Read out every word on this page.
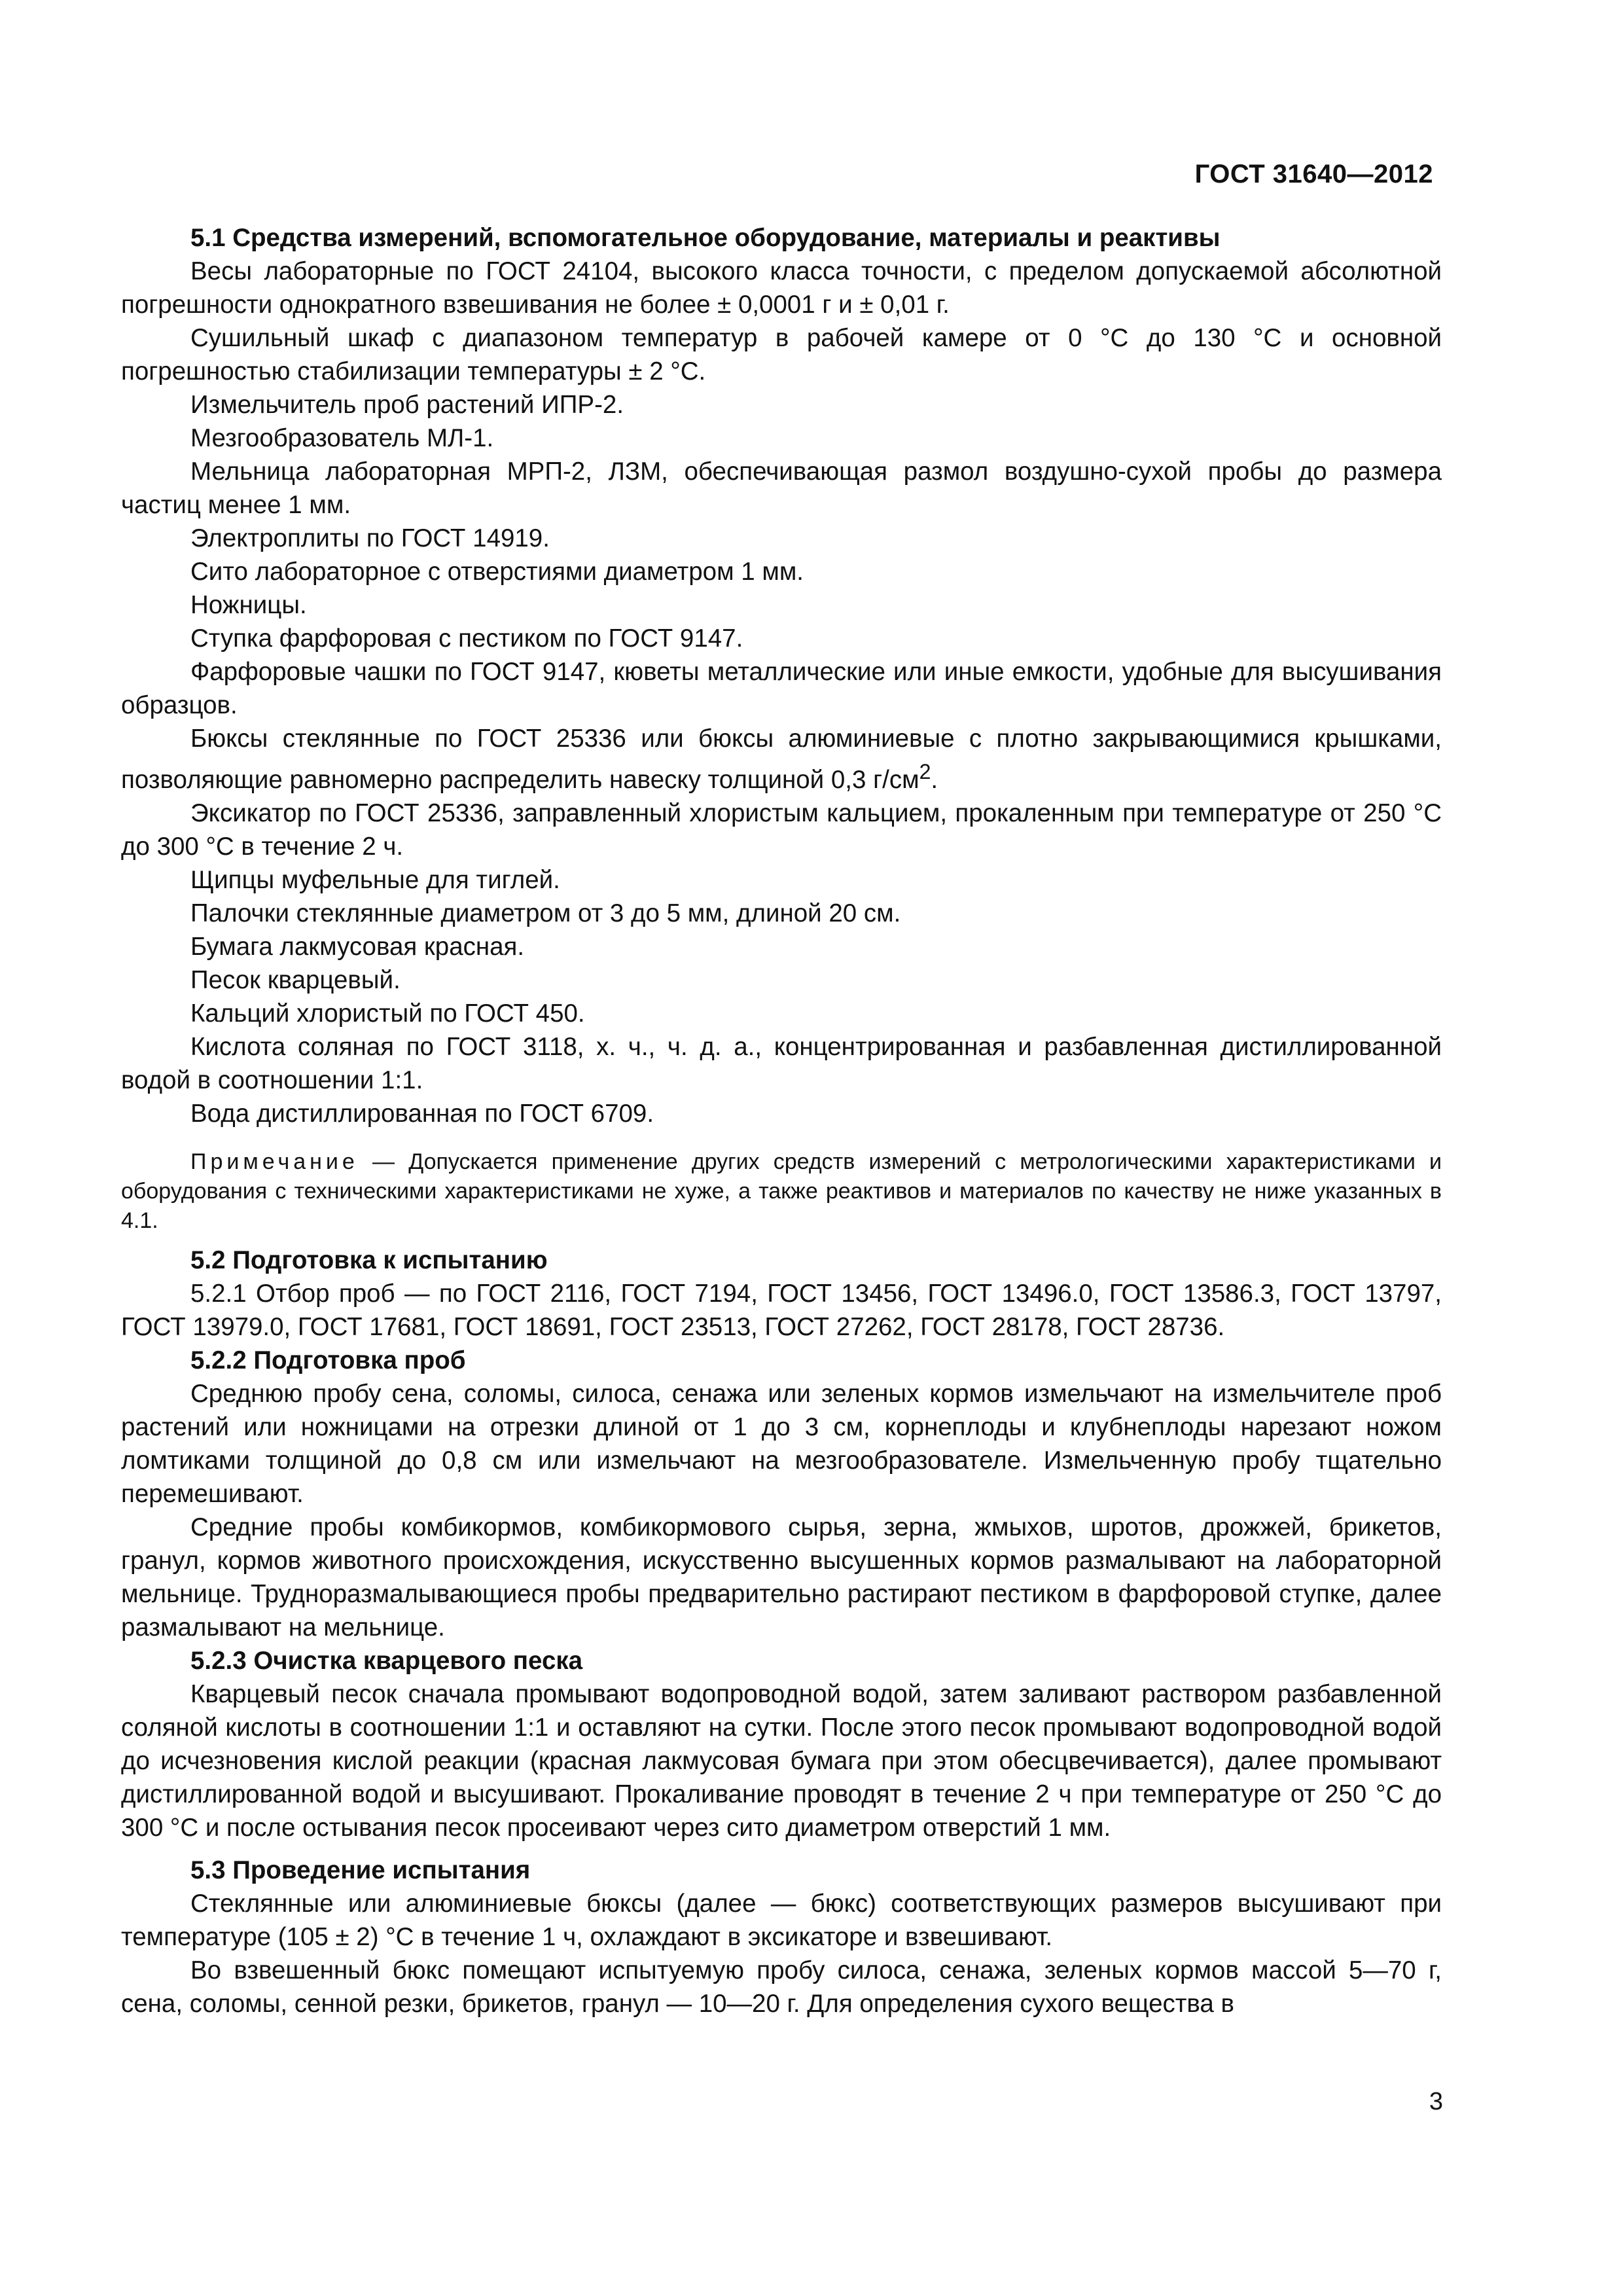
ГОСТ 31640—2012

5.1 Средства измерений, вспомогательное оборудование, материалы и реактивы

Весы лабораторные по ГОСТ 24104, высокого класса точности, с пределом допускаемой абсолютной погрешности однократного взвешивания не более ± 0,0001 г и ± 0,01 г.

Сушильный шкаф с диапазоном температур в рабочей камере от 0 °С до 130 °С и основной погрешностью стабилизации температуры ± 2 °С.

Измельчитель проб растений ИПР-2.

Мезгообразователь МЛ-1.

Мельница лабораторная МРП-2, ЛЗМ, обеспечивающая размол воздушно-сухой пробы до размера частиц менее 1 мм.

Электроплиты по ГОСТ 14919.

Сито лабораторное с отверстиями диаметром 1 мм.

Ножницы.

Ступка фарфоровая с пестиком по ГОСТ 9147.

Фарфоровые чашки по ГОСТ 9147, кюветы металлические или иные емкости, удобные для высушивания образцов.

Бюксы стеклянные по ГОСТ 25336 или бюксы алюминиевые с плотно закрывающимися крышками, позволяющие равномерно распределить навеску толщиной 0,3 $г/см^2$.

Эксикатор по ГОСТ 25336, заправленный хлористым кальцием, прокаленным при температуре от 250 °С до 300 °С в течение 2 ч.

Щипцы муфельные для тиглей.

Палочки стеклянные диаметром от 3 до 5 мм, длиной 20 см.

Бумага лакмусовая красная.

Песок кварцевый.

Кальций хлористый по ГОСТ 450.

Кислота соляная по ГОСТ 3118, х. ч., ч. д. а., концентрированная и разбавленная дистиллированной водой в соотношении 1:1.

Вода дистиллированная по ГОСТ 6709.

Примечание — Допускается применение других средств измерений с метрологическими характеристиками и оборудования с техническими характеристиками не хуже, а также реактивов и материалов по качеству не ниже указанных в 4.1.

5.2 Подготовка к испытанию

5.2.1 Отбор проб — по ГОСТ 2116, ГОСТ 7194, ГОСТ 13456, ГОСТ 13496.0, ГОСТ 13586.3, ГОСТ 13797, ГОСТ 13979.0, ГОСТ 17681, ГОСТ 18691, ГОСТ 23513, ГОСТ 27262, ГОСТ 28178, ГОСТ 28736.

5.2.2 Подготовка проб

Среднюю пробу сена, соломы, силоса, сенажа или зеленых кормов измельчают на измельчителе проб растений или ножницами на отрезки длиной от 1 до 3 см, корнеплоды и клубнеплоды нарезают ножом ломтиками толщиной до 0,8 см или измельчают на мезгообразователе. Измельченную пробу тщательно перемешивают.

Средние пробы комбикормов, комбикормового сырья, зерна, жмыхов, шротов, дрожжей, брикетов, гранул, кормов животного происхождения, искусственно высушенных кормов размалывают на лабораторной мельнице. Трудноразмалывающиеся пробы предварительно растирают пестиком в фарфоровой ступке, далее размалывают на мельнице.

5.2.3 Очистка кварцевого песка

Кварцевый песок сначала промывают водопроводной водой, затем заливают раствором разбавленной соляной кислоты в соотношении 1:1 и оставляют на сутки. После этого песок промывают водопроводной водой до исчезновения кислой реакции (красная лакмусовая бумага при этом обесцвечивается), далее промывают дистиллированной водой и высушивают. Прокаливание проводят в течение 2 ч при температуре от 250 °С до 300 °С и после остывания песок просеивают через сито диаметром отверстий 1 мм.

5.3 Проведение испытания

Стеклянные или алюминиевые бюксы (далее — бюкс) соответствующих размеров высушивают при температуре (105 ± 2) °С в течение 1 ч, охлаждают в эксикаторе и взвешивают.

Во взвешенный бюкс помещают испытуемую пробу силоса, сенажа, зеленых кормов массой 5—70 г, сена, соломы, сенной резки, брикетов, гранул — 10—20 г. Для определения сухого вещества в

3
